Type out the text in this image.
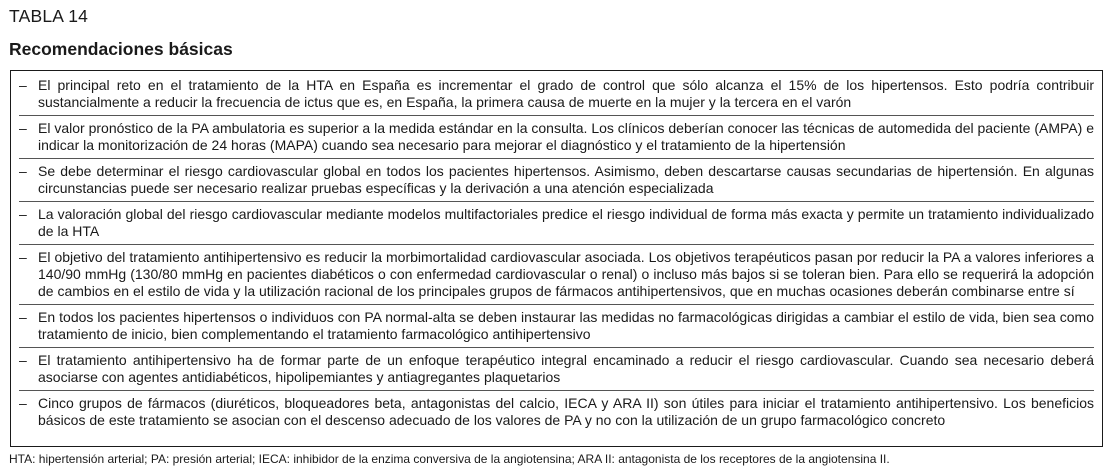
TABLA 14
Recomendaciones básicas
– El principal reto en el tratamiento de la HTA en España es incrementar el grado de control que sólo alcanza el 15% de los hipertensos. Esto podría contribuir sustancialmente a reducir la frecuencia de ictus que es, en España, la primera causa de muerte en la mujer y la tercera en el varón
– El valor pronóstico de la PA ambulatoria es superior a la medida estándar en la consulta. Los clínicos deberían conocer las técnicas de automedida del paciente (AMPA) e indicar la monitorización de 24 horas (MAPA) cuando sea necesario para mejorar el diagnóstico y el tratamiento de la hipertensión
– Se debe determinar el riesgo cardiovascular global en todos los pacientes hipertensos. Asimismo, deben descartarse causas secundarias de hipertensión. En algunas circunstancias puede ser necesario realizar pruebas específicas y la derivación a una atención especializada
– La valoración global del riesgo cardiovascular mediante modelos multifactoriales predice el riesgo individual de forma más exacta y permite un tratamiento individualizado de la HTA
– El objetivo del tratamiento antihipertensivo es reducir la morbimortalidad cardiovascular asociada. Los objetivos terapéuticos pasan por reducir la PA a valores inferiores a 140/90 mmHg (130/80 mmHg en pacientes diabéticos o con enfermedad cardiovascular o renal) o incluso más bajos si se toleran bien. Para ello se requerirá la adopción de cambios en el estilo de vida y la utilización racional de los principales grupos de fármacos antihipertensivos, que en muchas ocasiones deberán combinarse entre sí
– En todos los pacientes hipertensos o individuos con PA normal-alta se deben instaurar las medidas no farmacológicas dirigidas a cambiar el estilo de vida, bien sea como tratamiento de inicio, bien complementando el tratamiento farmacológico antihipertensivo
– El tratamiento antihipertensivo ha de formar parte de un enfoque terapéutico integral encaminado a reducir el riesgo cardiovascular. Cuando sea necesario deberá asociarse con agentes antidiabéticos, hipolipemiantes y antiagregantes plaquetarios
– Cinco grupos de fármacos (diuréticos, bloqueadores beta, antagonistas del calcio, IECA y ARA II) son útiles para iniciar el tratamiento antihipertensivo. Los beneficios básicos de este tratamiento se asocian con el descenso adecuado de los valores de PA y no con la utilización de un grupo farmacológico concreto
HTA: hipertensión arterial; PA: presión arterial; IECA: inhibidor de la enzima conversiva de la angiotensina; ARA II: antagonista de los receptores de la angiotensina II.
